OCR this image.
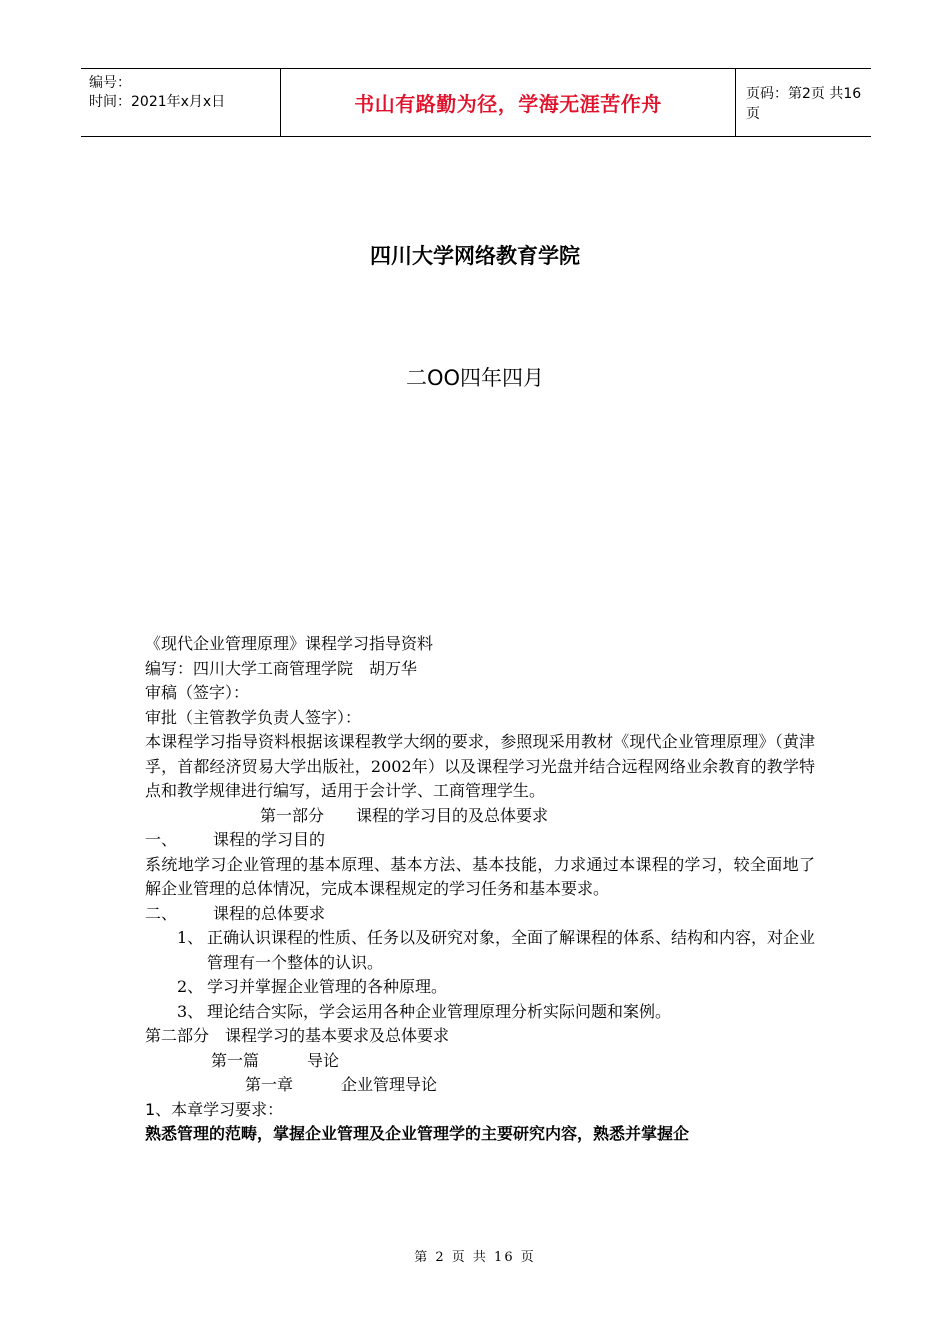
编号：
时间：2021年x月x日	书山有路勤为径，学海无涯苦作舟	页码：第2页 共16页
四川大学网络教育学院
二OO四年四月
《现代企业管理原理》课程学习指导资料
编写：四川大学工商管理学院　胡万华
审稿（签字）：
审批（主管教学负责人签字）：
本课程学习指导资料根据该课程教学大纲的要求，参照现采用教材《现代企业管理原理》（黄津孚，首都经济贸易大学出版社，2002年）以及课程学习光盘并结合远程网络业余教育的教学特点和教学规律进行编写，适用于会计学、工商管理学生。
第一部分　　课程的学习目的及总体要求
一、 课程的学习目的
系统地学习企业管理的基本原理、基本方法、基本技能，力求通过本课程的学习，较全面地了解企业管理的总体情况，完成本课程规定的学习任务和基本要求。
二、 课程的总体要求
1、 正确认识课程的性质、任务以及研究对象，全面了解课程的体系、结构和内容，对企业管理有一个整体的认识。
2、 学习并掌握企业管理的各种原理。
3、 理论结合实际，学会运用各种企业管理原理分析实际问题和案例。
第二部分　课程学习的基本要求及总体要求
第一篇　　　导论
第一章　　　企业管理导论
1、本章学习要求：
熟悉管理的范畴，掌握企业管理及企业管理学的主要研究内容，熟悉并掌握企
第 2 页 共 16 页
